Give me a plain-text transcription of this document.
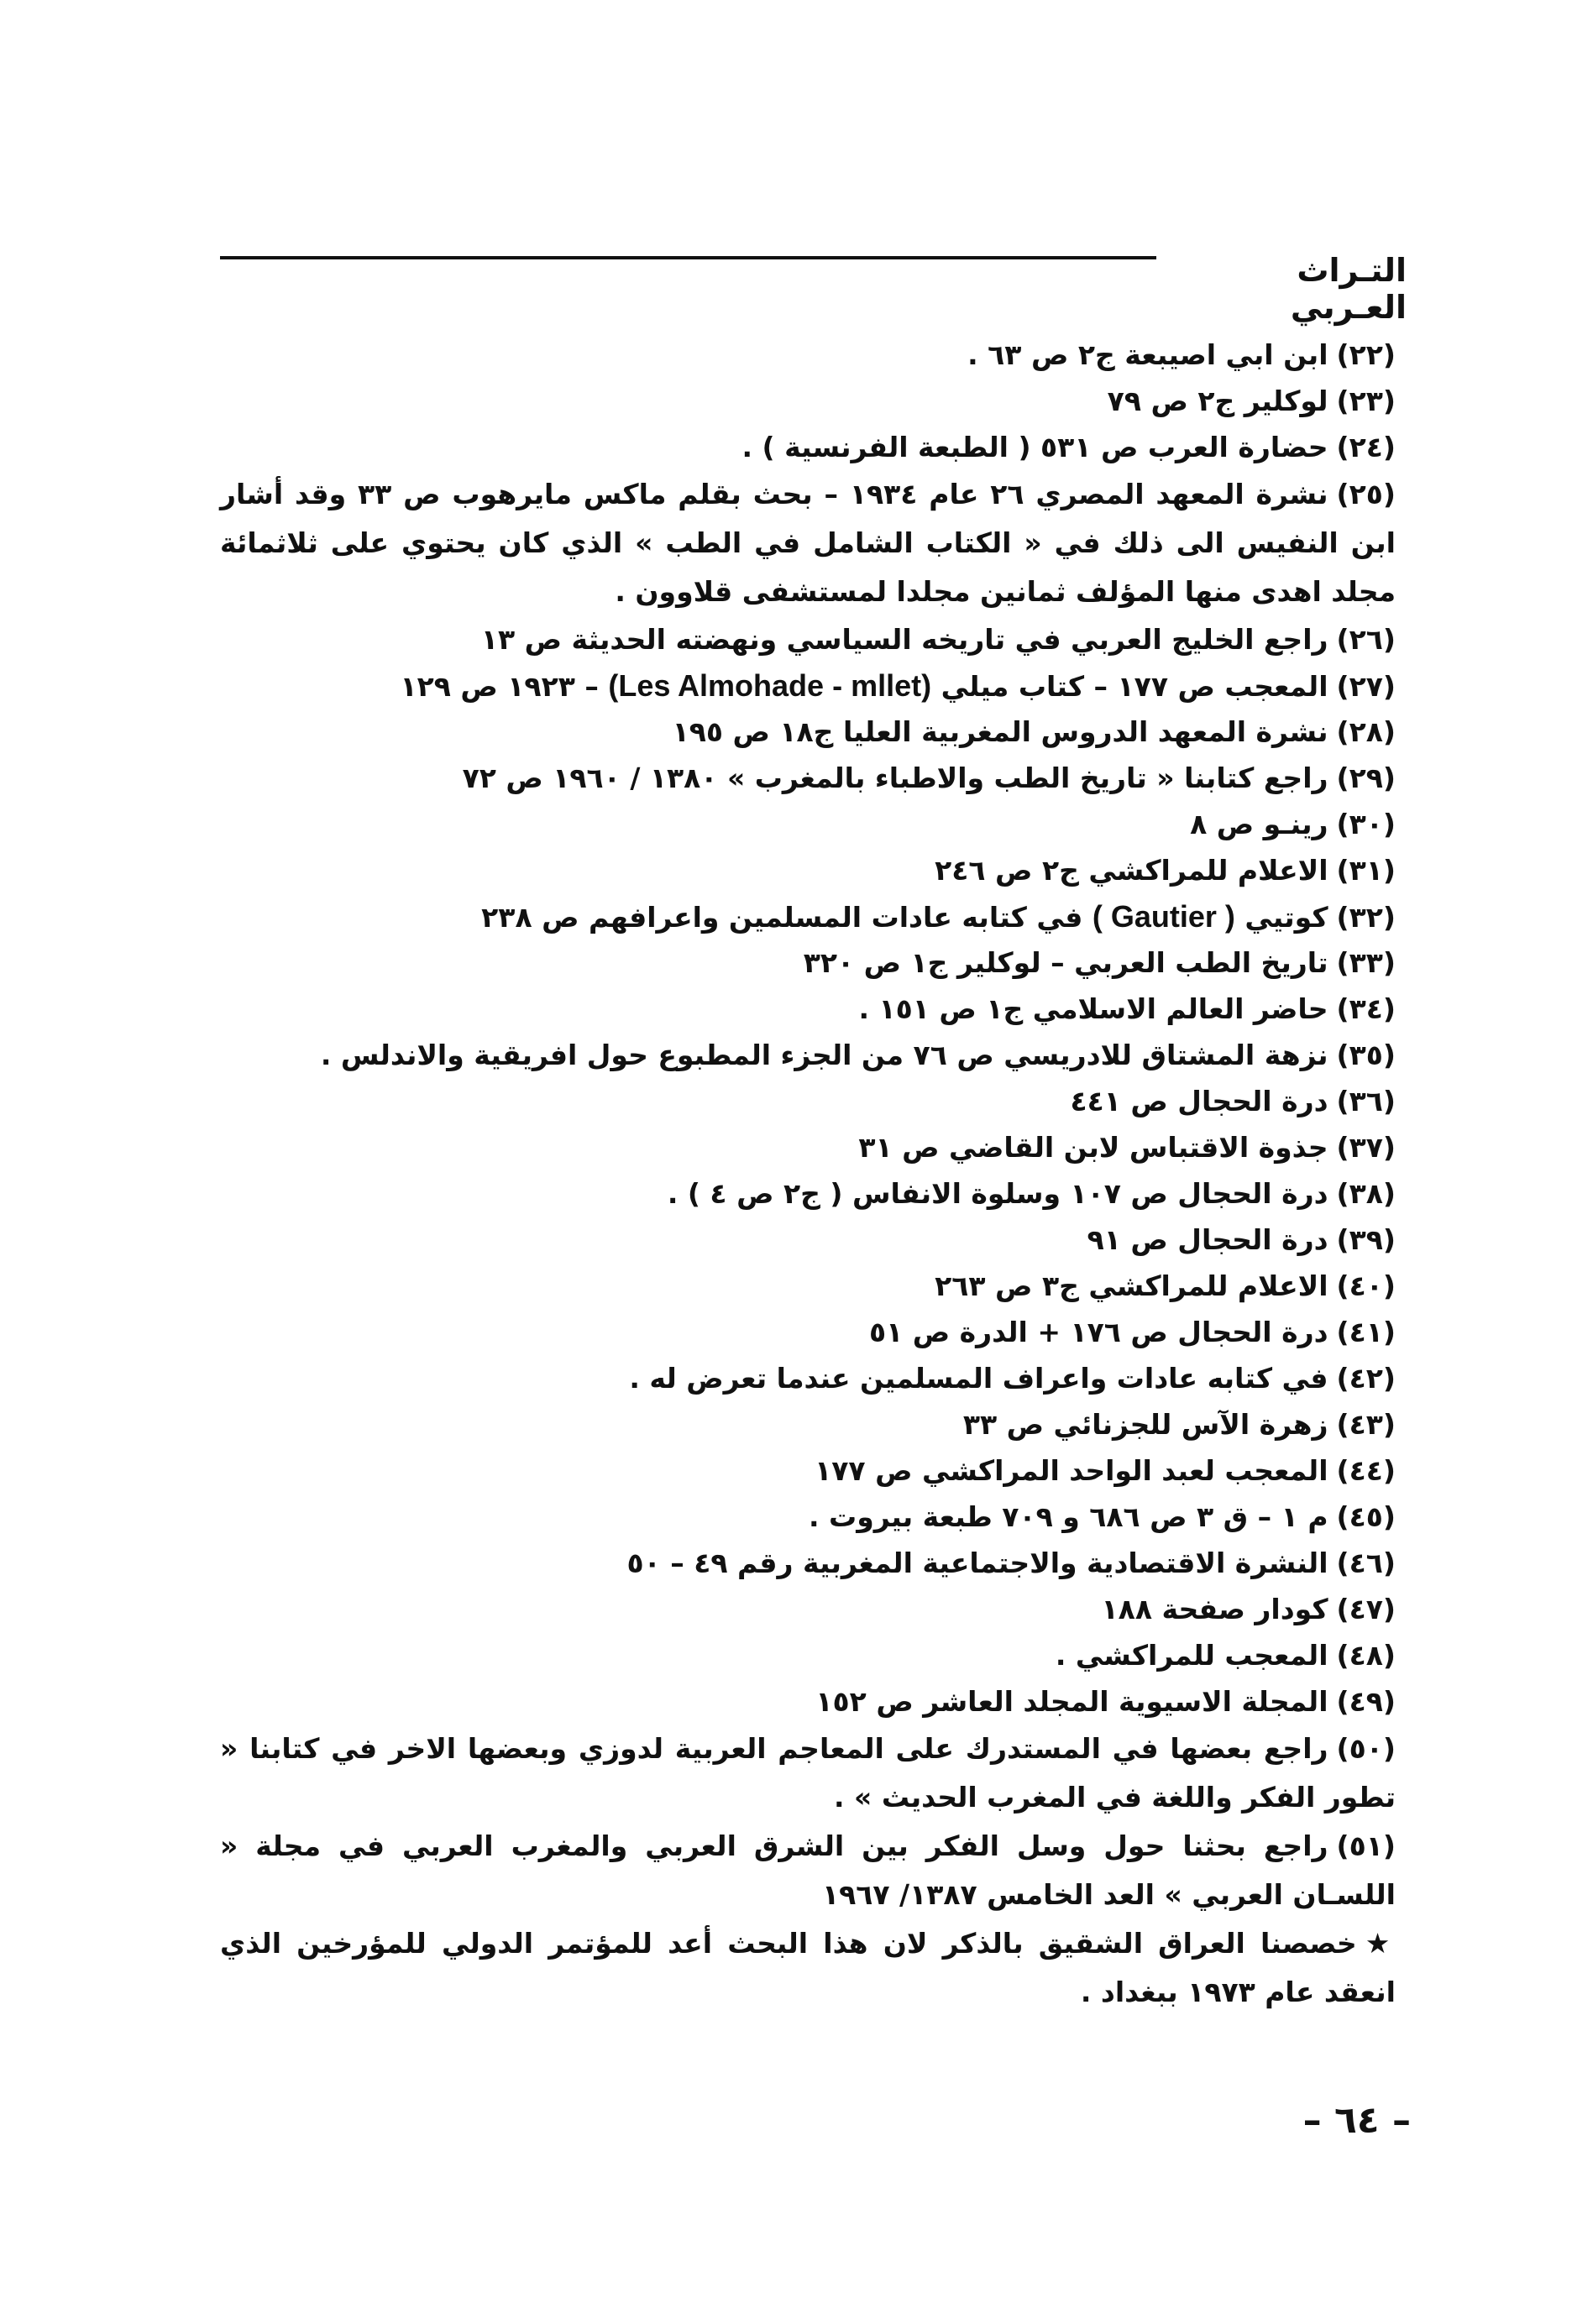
التـراث العـربي
(٢٢)ابن ابي اصيبعة ج٢ ص ٦٣ .
(٢٣)لوكلير ج٢ ص ٧٩
(٢٤)حضارة العرب ص ٥٣١ ( الطبعة الفرنسية ) .
(٢٥)نشرة المعهد المصري ٢٦ عام ١٩٣٤ – بحث بقلم ماكس مايرهوب ص ٣٣ وقد أشار ابن النفيس الى ذلك في « الكتاب الشامل في الطب » الذي كان يحتوي على ثلاثمائة مجلد اهدى منها المؤلف ثمانين مجلدا لمستشفى قلاوون .
(٢٦)راجع الخليج العربي في تاريخه السياسي ونهضته الحديثة ص ١٣
(٢٧)المعجب ص ١٧٧ – كتاب ميلي (Les Almohade - mllet) – ١٩٢٣ ص ١٢٩
(٢٨)نشرة المعهد الدروس المغربية العليا ج١٨ ص ١٩٥
(٢٩)راجع كتابنا « تاريخ الطب والاطباء بالمغرب » ١٣٨٠ / ١٩٦٠ ص ٧٢
(٣٠)رينـو ص ٨
(٣١)الاعلام للمراكشي ج٢ ص ٢٤٦
(٣٢)كوتيي ( Gautier ) في كتابه عادات المسلمين واعرافهم ص ٢٣٨
(٣٣)تاريخ الطب العربي – لوكلير ج١ ص ٣٢٠
(٣٤)حاضر العالم الاسلامي ج١ ص ١٥١ .
(٣٥)نزهة المشتاق للادريسي ص ٧٦ من الجزء المطبوع حول افريقية والاندلس .
(٣٦)درة الحجال ص ٤٤١
(٣٧)جذوة الاقتباس لابن القاضي ص ٣١
(٣٨)درة الحجال ص ١٠٧ وسلوة الانفاس ( ج٢ ص ٤ ) .
(٣٩)درة الحجال ص ٩١
(٤٠)الاعلام للمراكشي ج٣ ص ٢٦٣
(٤١)درة الحجال ص ١٧٦ + الدرة ص ٥١
(٤٢)في كتابه عادات واعراف المسلمين عندما تعرض له .
(٤٣)زهرة الآس للجزنائي ص ٣٣
(٤٤)المعجب لعبد الواحد المراكشي ص ١٧٧
(٤٥)م ١ – ق ٣ ص ٦٨٦ و ٧٠٩ طبعة بيروت .
(٤٦)النشرة الاقتصادية والاجتماعية المغربية رقم ٤٩ – ٥٠
(٤٧)كودار صفحة ١٨٨
(٤٨)المعجب للمراكشي .
(٤٩)المجلة الاسيوية المجلد العاشر ص ١٥٢
(٥٠)راجع بعضها في المستدرك على المعاجم العربية لدوزي وبعضها الاخر في كتابنا « تطور الفكر واللغة في المغرب الحديث » .
(٥١)راجع بحثنا حول وسل الفكر بين الشرق العربي والمغرب العربي في مجلة « اللسـان العربي » العد الخامس ١٣٨٧/ ١٩٦٧
★خصصنا العراق الشقيق بالذكر لان هذا البحث أعد للمؤتمر الدولي للمؤرخين الذي انعقد عام ١٩٧٣ ببغداد .
– ٦٤ –
